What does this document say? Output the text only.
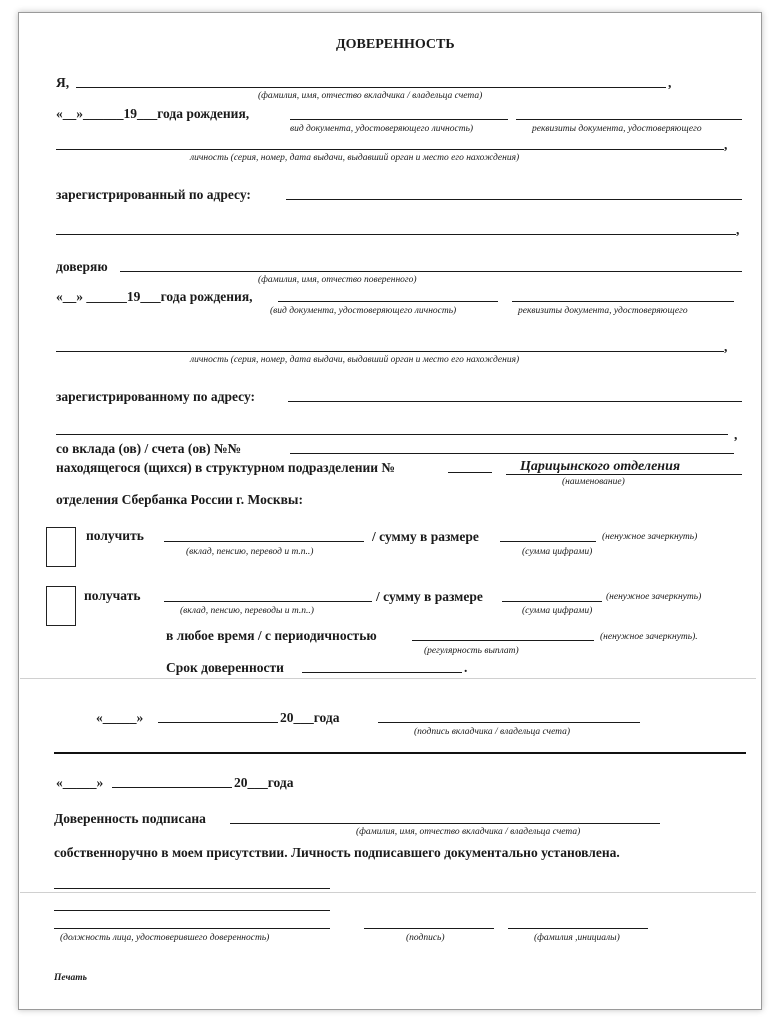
ДОВЕРЕННОСТЬ
Я,	,
(фамилия, имя, отчество вкладчика / владельца счета)
«__»______19___года рождения,
вид документа, удостоверяющего личность)	реквизиты документа, удостоверяющего
,
личность (серия, номер, дата выдачи, выдавший орган и место его нахождения)
зарегистрированный по адресу:
,
доверяю
(фамилия, имя, отчество поверенного)
«__» ______19___года рождения,
(вид документа, удостоверяющего личность)	реквизиты документа, удостоверяющего
,
личность (серия, номер, дата выдачи, выдавший орган и место его нахождения)
зарегистрированному по адресу:
,
со вклада (ов) / счета (ов) №№
находящегося (щихся) в структурном подразделении №	Царицынского отделения
(наименование)
отделения Сбербанка России г. Москвы:
получить	/ сумму в размере	(ненужное зачеркнуть)
(вклад, пенсию, перевод и т.п..)	(сумма цифрами)
получать	/ сумму в размере	(ненужное зачеркнуть)
(вклад, пенсию, переводы и т.п..)	(сумма цифрами)
в любое время / с периодичностью	(ненужное зачеркнуть).
(регулярность выплат)
Срок доверенности	.
«_____»	20___года
(подпись вкладчика / владельца счета)
«_____»	20___года
Доверенность подписана
(фамилия, имя, отчество вкладчика / владельца счета)
собственноручно в моем присутствии. Личность подписавшего документально установлена.
(должность лица, удостоверившего доверенность)	(подпись)	(фамилия ,инициалы)
Печать
